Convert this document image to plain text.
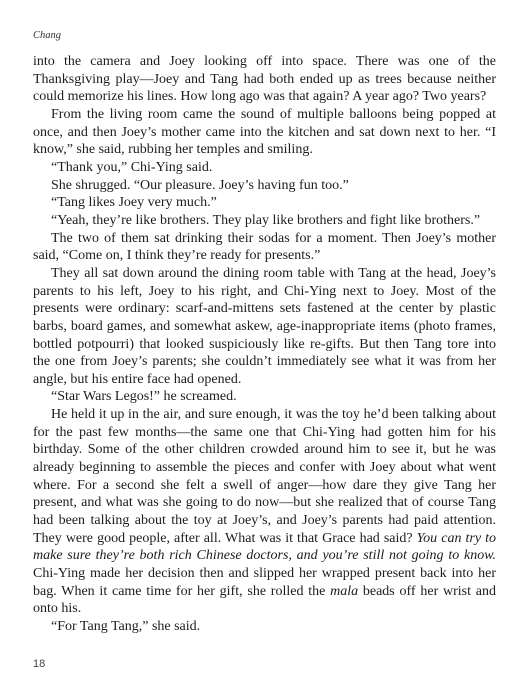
Chang

into the camera and Joey looking off into space. There was one of the Thanksgiving play—Joey and Tang had both ended up as trees because neither could memorize his lines. How long ago was that again? A year ago? Two years?

From the living room came the sound of multiple balloons being popped at once, and then Joey’s mother came into the kitchen and sat down next to her. “I know,” she said, rubbing her temples and smiling.

“Thank you,” Chi-Ying said.

She shrugged. “Our pleasure. Joey’s having fun too.”

“Tang likes Joey very much.”

“Yeah, they’re like brothers. They play like brothers and fight like brothers.”

The two of them sat drinking their sodas for a moment. Then Joey’s mother said, “Come on, I think they’re ready for presents.”

They all sat down around the dining room table with Tang at the head, Joey’s parents to his left, Joey to his right, and Chi-Ying next to Joey. Most of the presents were ordinary: scarf-and-mittens sets fastened at the center by plastic barbs, board games, and somewhat askew, age-inappropriate items (photo frames, bottled potpourri) that looked suspiciously like re-gifts. But then Tang tore into the one from Joey’s parents; she couldn’t immediately see what it was from her angle, but his entire face had opened.

“Star Wars Legos!” he screamed.

He held it up in the air, and sure enough, it was the toy he’d been talking about for the past few months—the same one that Chi-Ying had gotten him for his birthday. Some of the other children crowded around him to see it, but he was already beginning to assemble the pieces and confer with Joey about what went where. For a second she felt a swell of anger—how dare they give Tang her present, and what was she going to do now—but she realized that of course Tang had been talking about the toy at Joey’s, and Joey’s parents had paid attention. They were good people, after all. What was it that Grace had said? You can try to make sure they’re both rich Chinese doctors, and you’re still not going to know. Chi-Ying made her decision then and slipped her wrapped present back into her bag. When it came time for her gift, she rolled the mala beads off her wrist and onto his.

“For Tang Tang,” she said.

18
